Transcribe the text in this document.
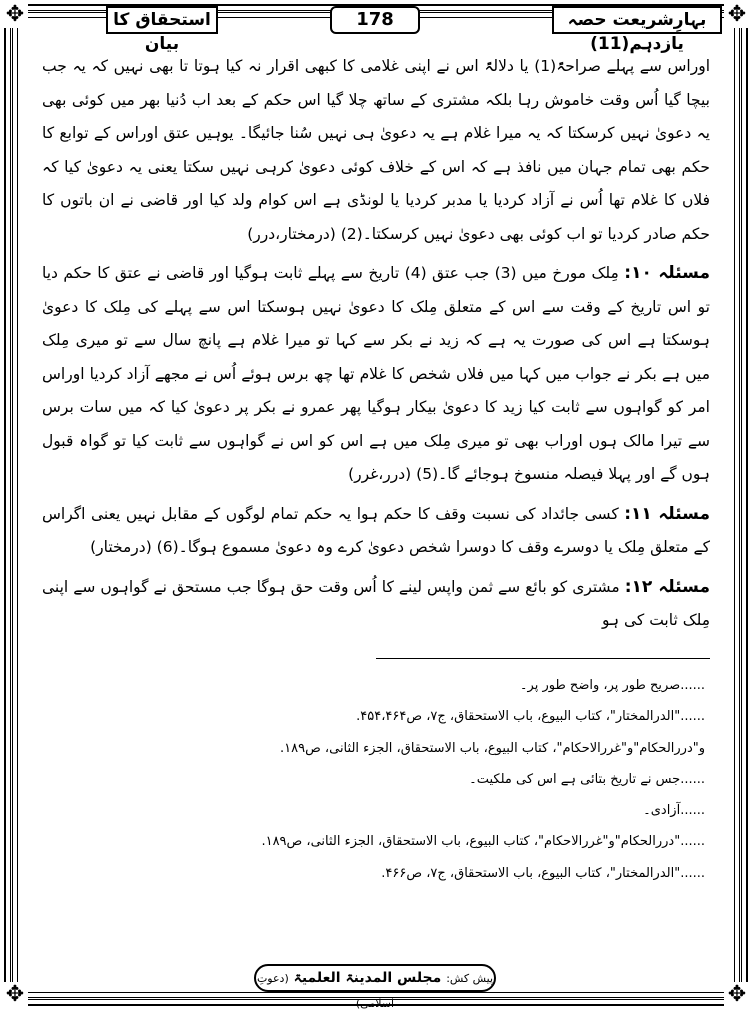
✥	✥
✥	✥
بہارِشریعت حصہ یازدہم(11)
178
استحقاق کا بیان

اوراس سے پہلے صراحۃً(1) یا دلالۃً اس نے اپنی غلامی کا کبھی اقرار نہ کیا ہوتا تا بھی نہیں کہ یہ جب بیچا گیا اُس وقت خاموش رہا بلکہ مشتری کے ساتھ چلا گیا اس حکم کے بعد اب دُنیا بھر میں کوئی بھی یہ دعویٰ نہیں کرسکتا کہ یہ میرا غلام ہے یہ دعویٰ ہی نہیں سُنا جائیگا۔ یوہیں عتق اوراس کے توابع کا حکم بھی تمام جہان میں نافذ ہے کہ اس کے خلاف کوئی دعویٰ کرہی نہیں سکتا یعنی یہ دعویٰ کیا کہ فلاں کا غلام تھا اُس نے آزاد کردیا یا مدبر کردیا یا لونڈی ہے اس کوام ولد کیا اور قاضی نے ان باتوں کا حکم صادر کردیا تو اب کوئی بھی دعویٰ نہیں کرسکتا۔(2) (درمختار،درر)

مسئلہ ۱۰: مِلک مورخ میں (3) جب عتق (4) تاریخ سے پہلے ثابت ہوگیا اور قاضی نے عتق کا حکم دیا تو اس تاریخ کے وقت سے اس کے متعلق مِلک کا دعویٰ نہیں ہوسکتا اس سے پہلے کی مِلک کا دعویٰ ہوسکتا ہے اس کی صورت یہ ہے کہ زید نے بکر سے کہا تو میرا غلام ہے پانچ سال سے تو میری مِلک میں ہے بکر نے جواب میں کہا میں فلاں شخص کا غلام تھا چھ برس ہوئے اُس نے مجھے آزاد کردیا اوراس امر کو گواہوں سے ثابت کیا زید کا دعویٰ بیکار ہوگیا پھر عمرو نے بکر پر دعویٰ کیا کہ میں سات برس سے تیرا مالک ہوں اوراب بھی تو میری مِلک میں ہے اس کو اس نے گواہوں سے ثابت کیا تو گواہ قبول ہوں گے اور پہلا فیصلہ منسوخ ہوجائے گا۔(5) (درر،غرر)

مسئلہ ۱۱: کسی جائداد کی نسبت وقف کا حکم ہوا یہ حکم تمام لوگوں کے مقابل نہیں یعنی اگراس کے متعلق مِلک یا دوسرے وقف کا دوسرا شخص دعویٰ کرے وہ دعویٰ مسموع ہوگا۔(6) (درمختار)

مسئلہ ۱۲: مشتری کو بائع سے ثمن واپس لینے کا اُس وقت حق ہوگا جب مستحق نے گواہوں سے اپنی مِلک ثابت کی ہو

......صریح طور پر، واضح طور پر۔

......"الدرالمختار"، کتاب البیوع، باب الاستحقاق، ج۷، ص۴۵۴،۴۶۴.

و"دررالحکام"و"غررالاحکام"، کتاب البیوع، باب الاستحقاق، الجزء الثانی، ص۱۸۹.

......جس نے تاریخ بتائی ہے اس کی ملکیت۔

......آزادی۔

......"دررالحکام"و"غررالاحکام"، کتاب البیوع، باب الاستحقاق، الجزء الثانی، ص۱۸۹.

......"الدرالمختار"، کتاب البیوع، باب الاستحقاق، ج۷، ص۴۶۶.

پیش کش: مجلس المدینۃ العلمیۃ (دعوتِ اسلامی)
